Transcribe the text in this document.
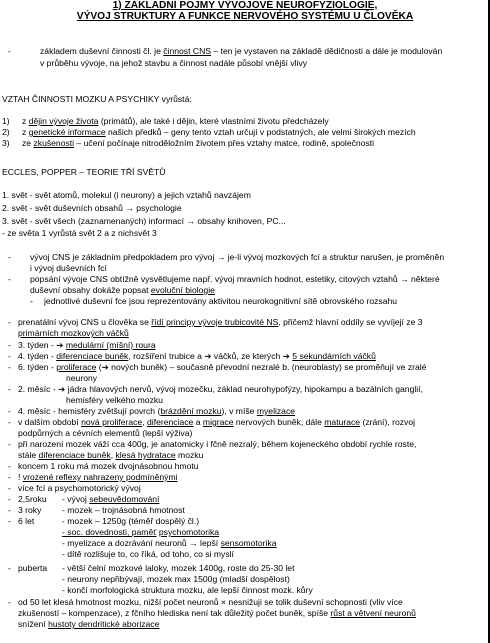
1) ZÁKLADNÍ POJMY VÝVOJOVÉ NEUROFYZIOLOGIE,
VÝVOJ STRUKTURY A FUNKCE NERVOVÉHO SYSTÉMU U ČLOVĚKA
-	základem duševní činnosti čl. je činnost CNS – ten je vystaven na základě dědičnosti a dále je modulován
v průběhu vývoje, na jehož stavbu a činnost nadále působí vnější vlivy
VZTAH ČINNOSTI MOZKU A PSYCHIKY vyrůstá:
1) z dějin vývoje života (primátů), ale také i dějin, které vlastními životu předcházely
2) z genetické informace našich předků – geny tento vztah určují v podstatných, ale velmi širokých mezích
3) ze zkušenosti – učení počínaje nitroděložním životem přes vztahy matce, rodině, společnosti
ECCLES, POPPER – TEORIE TŘÍ SVĚTŮ
1. svět - svět atomů, molekul (i neurony) a jejich vztahů navzájem
2. svět - svět duševních obsahů → psychologie
3. svět - svět všech (zaznamenaných) informací → obsahy knihoven, PC...
- ze světa 1 vyrůstá svět 2 a z nichsvět 3
- vývoj CNS je základním předpokladem pro vývoj → je-li vývoj mozkových fcí a struktur narušen, je proměněn
i vývoj duševních fcí
- popsání vývoje CNS obtížně vysvětlujeme např. vývoj mravních hodnot, estetiky, citových vztahů → některé
duševní obsahy dokáže popsat evoluční biologie
- jednotlivé duševní fce jsou reprezentovány aktivitou neurokognitivní sítě obrovského rozsahu
- prenatální vývoj CNS u člověka se řídí principy vývoje trubicovité NS, přičemž hlavní oddíly se vyvíjejí ze 3
primárních mozkových váčků
- 3. týden - ➔ medulární (míšní) roura
- 4. týden - diferenciace buněk, rozšíření trubice a ➔ váčků, ze kterých ➔ 5 sekundárních váčků
- 6. týden - proliferace (➔ nových buněk) – současně převodní nezralé b. (neuroblasty) se proměňují ve zralé
neurony
- 2. měsíc - ➔ jádra hlavových nervů, vývoj mozečku, základ neurohypofýzy, hipokampu a bazálních ganglií,
hemisféry velkého mozku
- 4. měsíc - hemisféry zvětšují povrch (brázdění mozku), v míše myelizace
- v dalším období nová proliferace, diferenciace a migrace nervových buněk, dále maturace (zrání), rozvoj
podpůrných a cévních elementů (lepší výživa)
- při narození mozek váží cca 400g, je anatomicky i fčně nezralý, během kojeneckého období rychle roste,
stále diferenciace buněk, klesá hydratace mozku
- koncem 1 roku má mozek dvojnásobnou hmotu
- ! vrozené reflexy nahrazeny podmíněnými
- více fcí a psychomotorický vývoj
- 2,5roku - vývoj sebeuvědomování
- 3 roky - mozek – trojnásobná hmotnost
- 6 let	- mozek – 1250g (téměř dospělý čl.)
- soc. dovednosti, paměť psychomotorika
- myelizace a dozrávání neuronů → lepší sensomotorika
- dítě rozlišuje to, co říká, od toho, co si myslí
- puberta - větší čelní mozkové laloky, mozek 1400g, roste do 25-30 let
- neurony nepřibývají, mozek max 1500g (mladší dospělost)
- končí morfologická struktura mozku, ale lepší činnost mozk. kůry
- od 50 let klesá hmotnost mozku, nižší počet neuronů × nesnižuji se tolik duševní schopnosti (vliv více
zkušeností – kompenzace), z fčního hlediska není tak důležitý počet buněk, spíše růst a větvení neuronů
snížení hustoty dendritické aborizace
